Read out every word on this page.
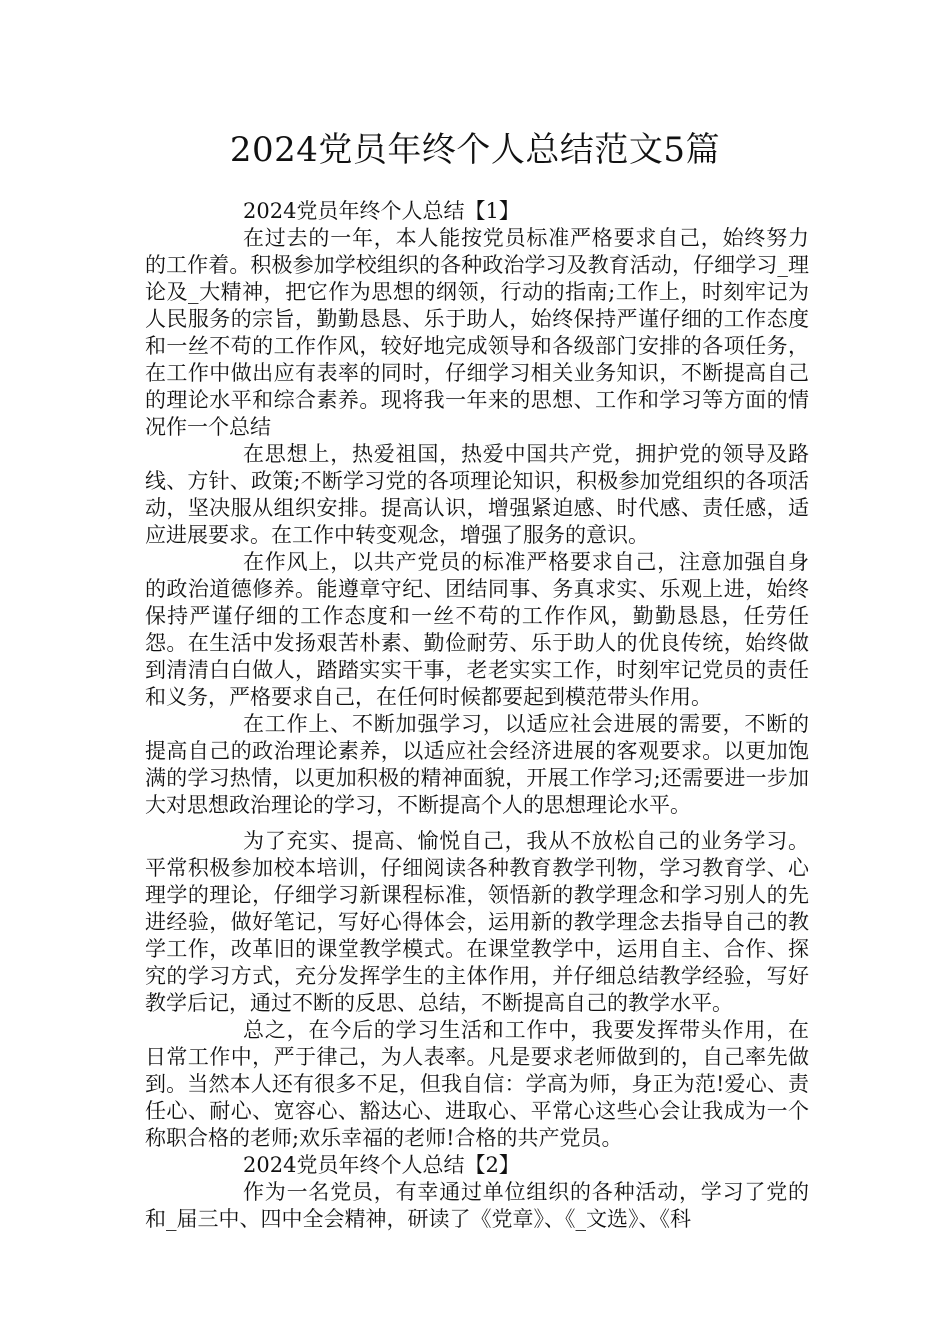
2024党员年终个人总结范文5篇

2024党员年终个人总结【1】

在过去的一年，本人能按党员标准严格要求自己，始终努力的工作着。积极参加学校组织的各种政治学习及教育活动，仔细学习_理论及_大精神，把它作为思想的纲领，行动的指南;工作上，时刻牢记为人民服务的宗旨，勤勤恳恳、乐于助人，始终保持严谨仔细的工作态度和一丝不苟的工作作风，较好地完成领导和各级部门安排的各项任务，在工作中做出应有表率的同时，仔细学习相关业务知识，不断提高自己的理论水平和综合素养。现将我一年来的思想、工作和学习等方面的情况作一个总结

在思想上，热爱祖国，热爱中国共产党，拥护党的领导及路线、方针、政策;不断学习党的各项理论知识，积极参加党组织的各项活动，坚决服从组织安排。提高认识，增强紧迫感、时代感、责任感，适应进展要求。在工作中转变观念，增强了服务的意识。

在作风上，以共产党员的标准严格要求自己，注意加强自身的政治道德修养。能遵章守纪、团结同事、务真求实、乐观上进，始终保持严谨仔细的工作态度和一丝不苟的工作作风，勤勤恳恳，任劳任怨。在生活中发扬艰苦朴素、勤俭耐劳、乐于助人的优良传统，始终做到清清白白做人，踏踏实实干事，老老实实工作，时刻牢记党员的责任和义务，严格要求自己，在任何时候都要起到模范带头作用。

在工作上、不断加强学习，以适应社会进展的需要，不断的提高自己的政治理论素养，以适应社会经济进展的客观要求。以更加饱满的学习热情，以更加积极的精神面貌，开展工作学习;还需要进一步加大对思想政治理论的学习，不断提高个人的思想理论水平。

为了充实、提高、愉悦自己，我从不放松自己的业务学习。平常积极参加校本培训，仔细阅读各种教育教学刊物，学习教育学、心理学的理论，仔细学习新课程标准，领悟新的教学理念和学习别人的先进经验，做好笔记，写好心得体会，运用新的教学理念去指导自己的教学工作，改革旧的课堂教学模式。在课堂教学中，运用自主、合作、探究的学习方式，充分发挥学生的主体作用，并仔细总结教学经验，写好教学后记，通过不断的反思、总结，不断提高自己的教学水平。

总之，在今后的学习生活和工作中，我要发挥带头作用，在日常工作中，严于律己，为人表率。凡是要求老师做到的，自己率先做到。当然本人还有很多不足，但我自信：学高为师，身正为范!爱心、责任心、耐心、宽容心、豁达心、进取心、平常心这些心会让我成为一个称职合格的老师;欢乐幸福的老师!合格的共产党员。

2024党员年终个人总结【2】

作为一名党员，有幸通过单位组织的各种活动，学习了党的和_届三中、四中全会精神，研读了《党章》、《_文选》、《科
